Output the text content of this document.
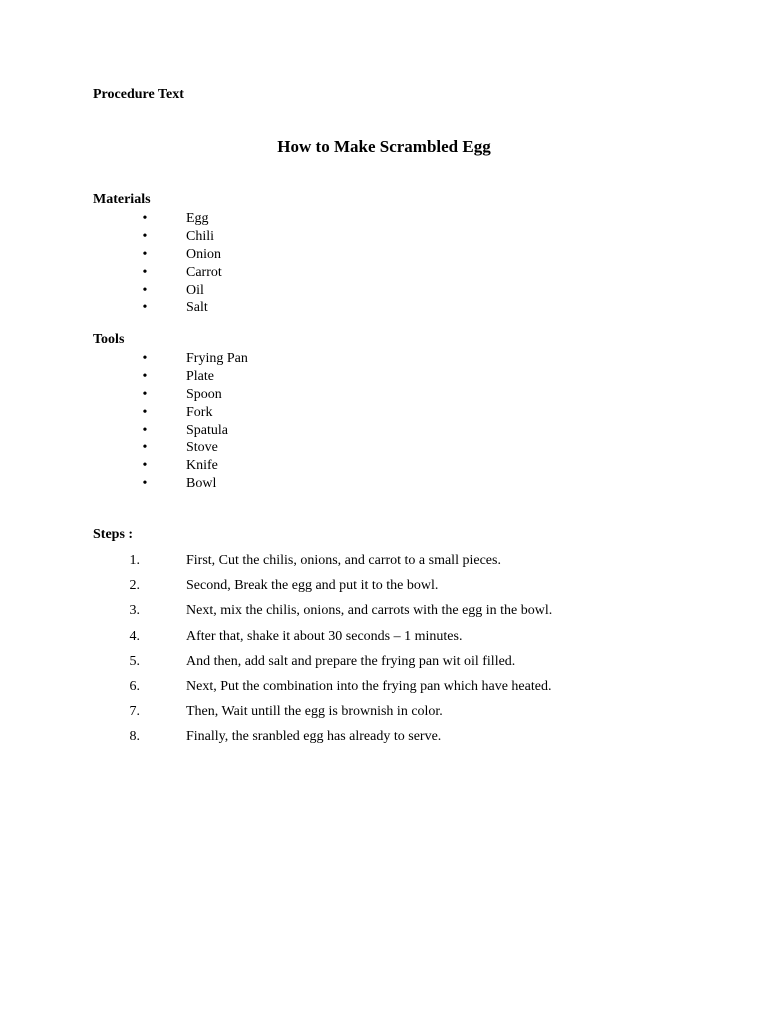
Procedure Text
How to Make Scrambled Egg
Materials
•	Egg
•	Chili
•	Onion
•	Carrot
•	Oil
•	Salt
Tools
•	Frying Pan
•	Plate
•	Spoon
•	Fork
•	Spatula
•	Stove
•	Knife
•	Bowl
Steps :
1.	First, Cut the chilis, onions, and carrot to a small pieces.
2.	Second, Break the egg and put it to the bowl.
3.	Next, mix the chilis, onions, and carrots with the egg in the bowl.
4.	After that, shake it about 30 seconds – 1 minutes.
5.	And then, add salt and prepare the frying pan wit oil filled.
6.	Next, Put the combination into the frying pan which have heated.
7.	Then, Wait untill the egg is brownish in color.
8.	Finally, the sranbled egg has already to serve.
